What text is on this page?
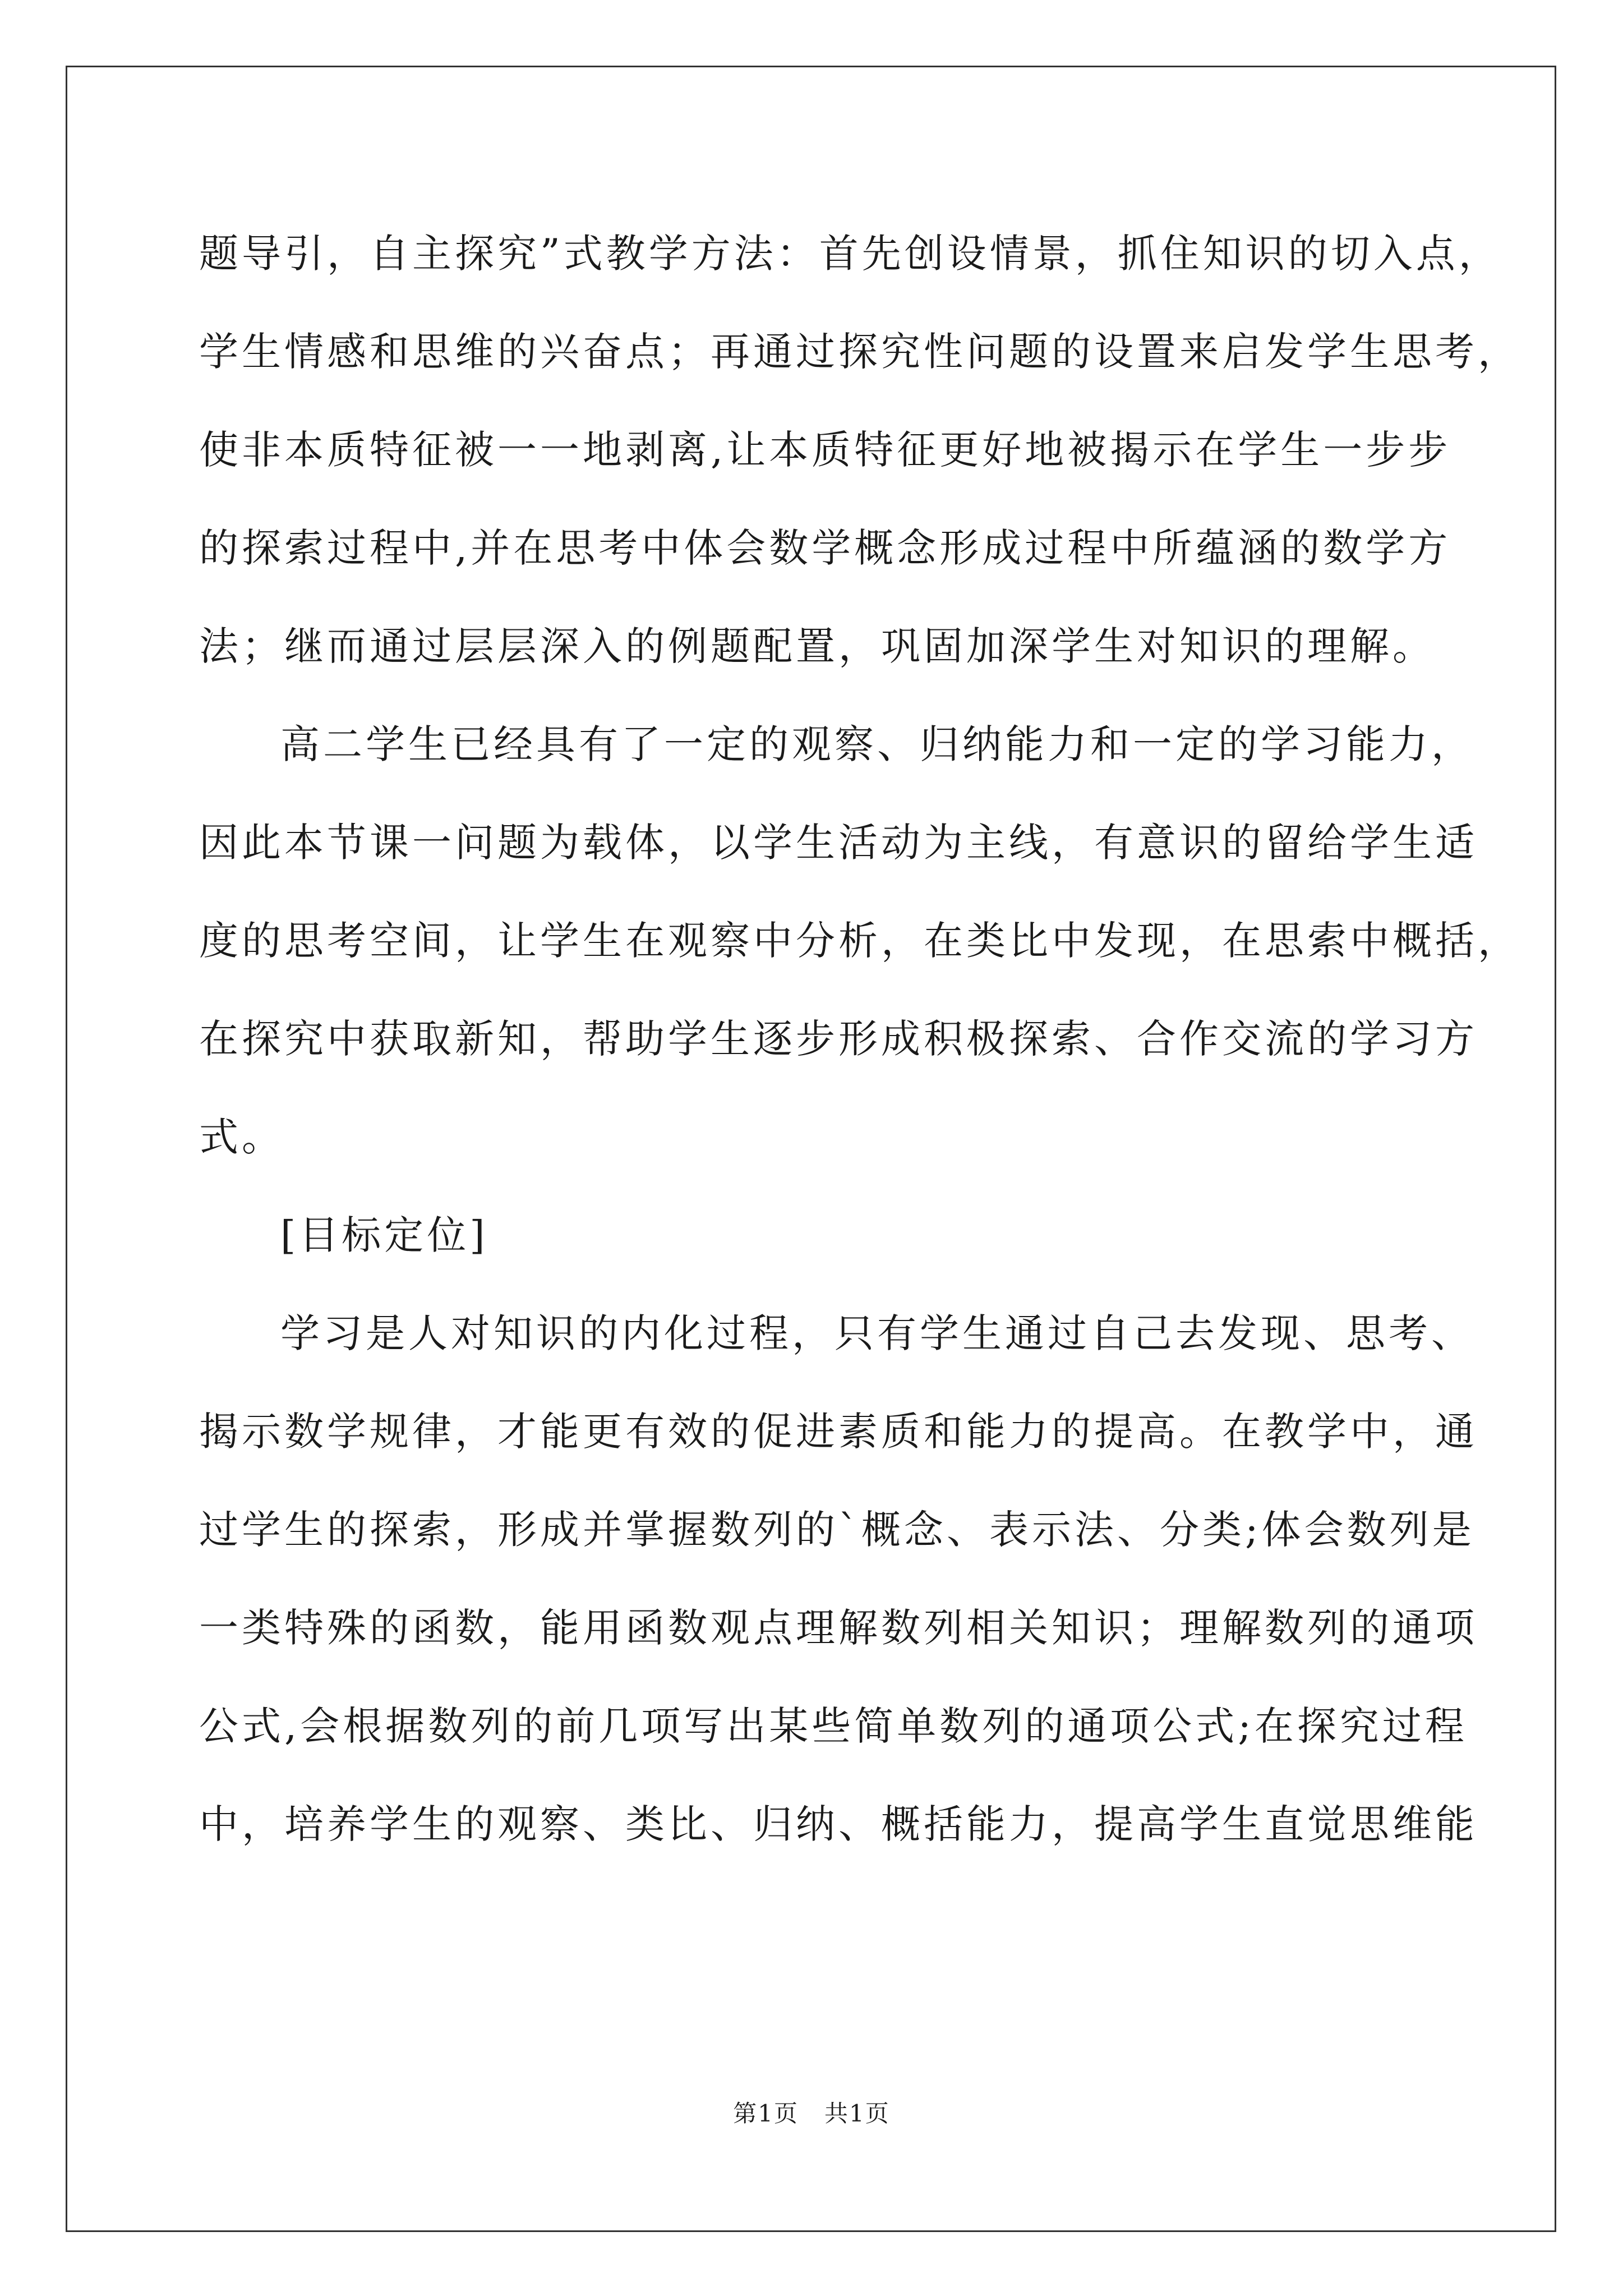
题导引，自主探究”式教学方法：首先创设情景，抓住知识的切入点，
学生情感和思维的兴奋点；再通过探究性问题的设置来启发学生思考，
使非本质特征被一一地剥离,让本质特征更好地被揭示在学生一步步
的探索过程中,并在思考中体会数学概念形成过程中所蕴涵的数学方
法；继而通过层层深入的例题配置，巩固加深学生对知识的理解。
高二学生已经具有了一定的观察、归纳能力和一定的学习能力，
因此本节课一问题为载体，以学生活动为主线，有意识的留给学生适
度的思考空间，让学生在观察中分析，在类比中发现，在思索中概括，
在探究中获取新知，帮助学生逐步形成积极探索、合作交流的学习方
式。
[目标定位]
学习是人对知识的内化过程，只有学生通过自己去发现、思考、
揭示数学规律，才能更有效的促进素质和能力的提高。在教学中，通
过学生的探索，形成并掌握数列的`概念、表示法、分类;体会数列是
一类特殊的函数，能用函数观点理解数列相关知识；理解数列的通项
公式,会根据数列的前几项写出某些简单数列的通项公式;在探究过程
中，培养学生的观察、类比、归纳、概括能力，提高学生直觉思维能
第1页   共1页
